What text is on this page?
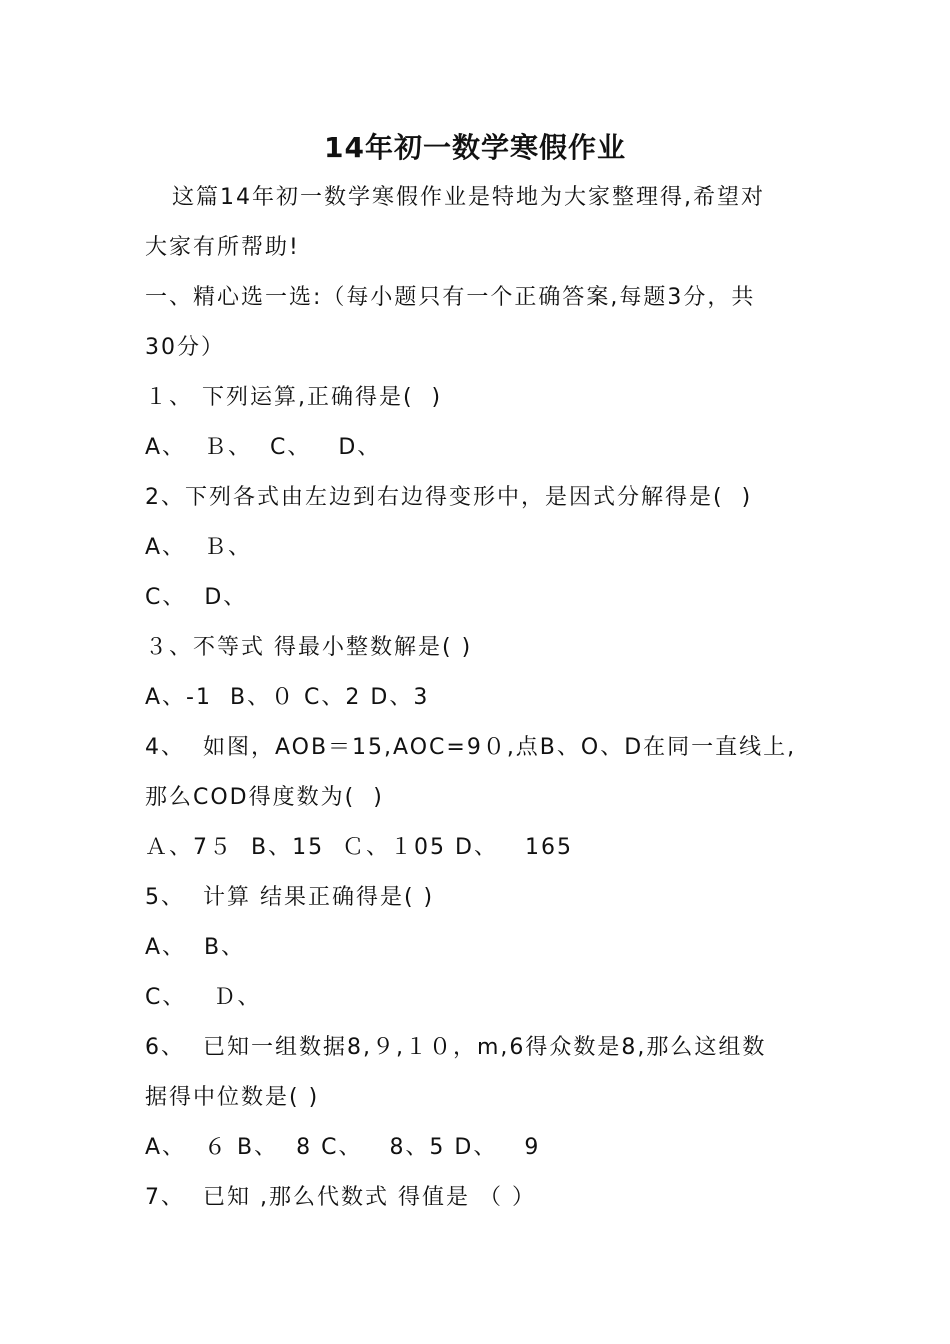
14年初一数学寒假作业
这篇14年初一数学寒假作业是特地为大家整理得,希望对
大家有所帮助!
一、精心选一选:（每小题只有一个正确答案,每题3分，共
30分）
１、 下列运算,正确得是(  )
A、  Ｂ、  C、   D、
2、下列各式由左边到右边得变形中，是因式分解得是(  )
A、  Ｂ、
C、  D、
３、不等式 得最小整数解是( )
A、-1  B、０ C、2 D、3
4、  如图，AOB＝15,AOC=9０,点B、O、D在同一直线上,
那么COD得度数为(  )
Ａ、7５  B、15  Ｃ、１05 D、   165
5、  计算 结果正确得是( )
A、  B、
C、   Ｄ、
6、  已知一组数据8,９,１０，m,6得众数是8,那么这组数
据得中位数是( )
A、  ６ B、  8 C、   8、5 D、   9
7、  已知 ,那么代数式 得值是 （ ）
